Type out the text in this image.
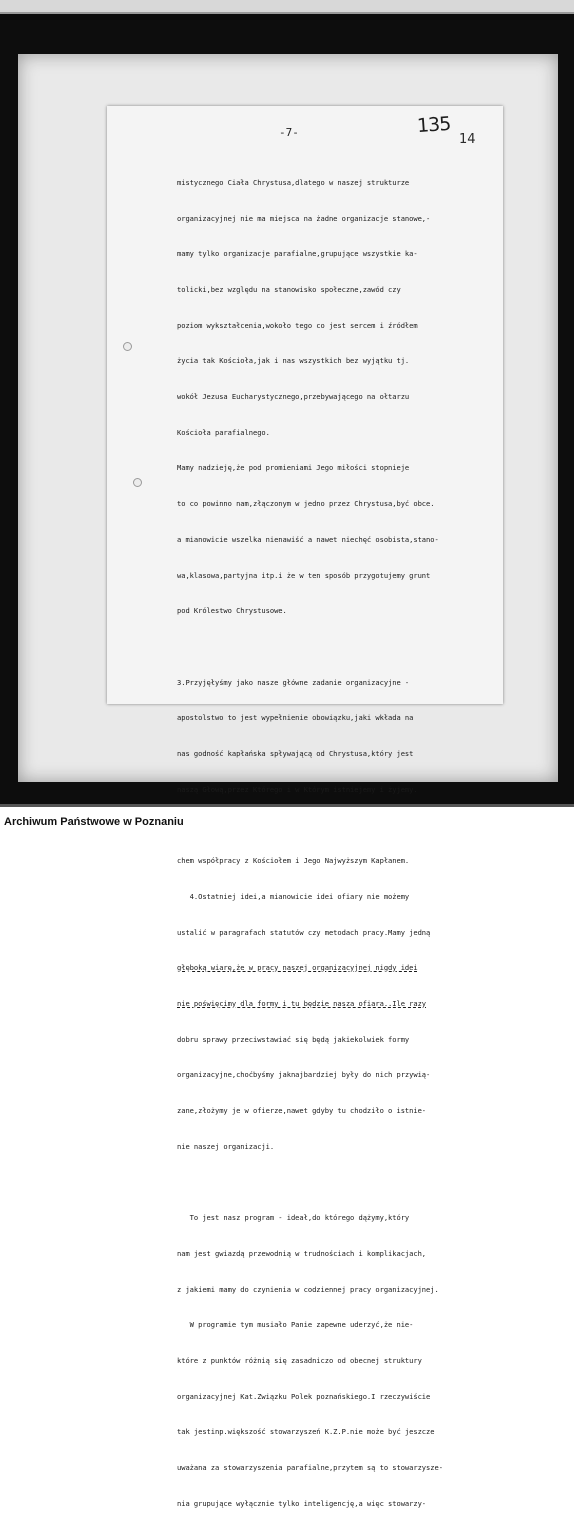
-7-	135
14

mistycznego Ciała Chrystusa,dlatego w naszej strukturze

organizacyjnej nie ma miejsca na żadne organizacje stanowe,-

mamy tylko organizacje parafialne,grupujące wszystkie ka-

tolicki,bez względu na stanowisko społeczne,zawód czy

poziom wykształcenia,wokoło tego co jest sercem i źródłem

życia tak Kościoła,jak i nas wszystkich bez wyjątku tj.

wokół Jezusa Eucharystycznego,przebywającego na ołtarzu

Kościoła parafialnego.

Mamy nadzieję,że pod promieniami Jego miłości stopnieje

to co powinno nam,złączonym w jedno przez Chrystusa,być obce.

a mianowicie wszelka nienawiść a nawet niechęć osobista,stano-

wa,klasowa,partyjna itp.i że w ten sposób przygotujemy grunt

pod Królestwo Chrystusowe.

3.Przyjęłyśmy jako nasze główne zadanie organizacyjne -

apostolstwo to jest wypełnienie obowiązku,jaki wkłada na

nas godność kapłańska spływającą od Chrystusa,który jest

naszą Głową,przez Którego i w Którym istniejemy i żyjemy.

chem współpracy z Kościołem i Jego Najwyższym Kapłanem.

4.Ostatniej idei,a mianowicie idei ofiary nie możemy

ustalić w paragrafach statutów czy metodach pracy.Mamy jedną

głęboką wiarę,że w pracy naszej organizacyjnej nigdy idei

nie poświęcimy dla formy i tu będzie nasza ofiara..Ile razy

dobru sprawy przeciwstawiać się będą jakiekolwiek formy

organizacyjne,choćbyśmy jaknajbardziej były do nich przywią-

zane,złożymy je w ofierze,nawet gdyby tu chodziło o istnie-

nie naszej organizacji.

To jest nasz program - ideał,do którego dążymy,który

nam jest gwiazdą przewodnią w trudnościach i komplikacjach,

z jakiemi mamy do czynienia w codziennej pracy organizacyjnej.

W programie tym musiało Panie zapewne uderzyć,że nie-

które z punktów różnią się zasadniczo od obecnej struktury

organizacyjnej Kat.Związku Polek poznańskiego.I rzeczywiście

tak jestinp.większość stowarzyszeń K.Z.P.nie może być jeszcze

uważana za stowarzyszenia parafialne,przytem są to stowarzysze-

nia grupujące wyłącznie tylko inteligencję,a więc stowarzy-

Archiwum Państwowe w Poznaniu
